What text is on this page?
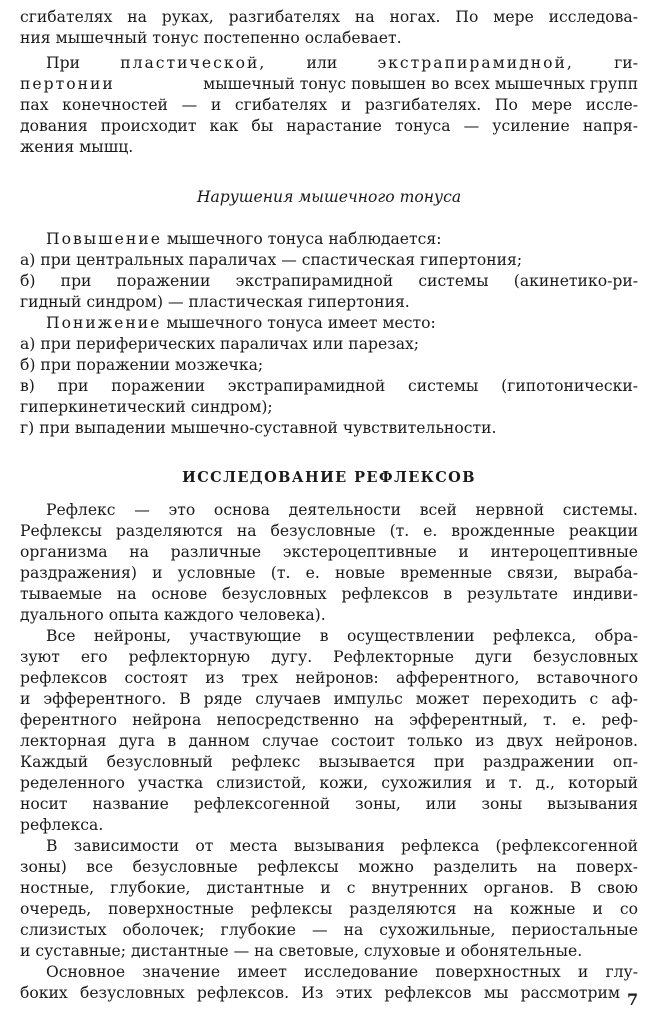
сгибателях на руках, разгибателях на ногах. По мере исследова-
ния мышечный тонус постепенно ослабевает.
При	пластической,	или	экстрапирамидной,	ги-
пертонии	мышечный тонус повышен во всех мышечных групп
пах конечностей — и сгибателях и разгибателях. По мере иссле-
дования происходит как бы нарастание тонуса — усиление напря-
жения мышц.
Нарушения мышечного тонуса
Повышение мышечного тонуса наблюдается:
а) при центральных параличах — спастическая гипертония;
б) при поражении экстрапирамидной системы (акинетико-ри-
гидный синдром) — пластическая гипертония.
Понижение мышечного тонуса имеет место:
а) при периферических параличах или парезах;
б) при поражении мозжечка;
в) при поражении экстрапирамидной системы (гипотонически-
гиперкинетический синдром);
г) при выпадении мышечно-суставной чувствительности.
ИССЛЕДОВАНИЕ РЕФЛЕКСОВ
Рефлекс — это основа деятельности всей нервной системы.
Рефлексы разделяются на безусловные (т. е. врожденные реакции
организма на различные экстероцептивные и интероцептивные
раздражения) и условные (т. е. новые временные связи, выраба-
тываемые на основе безусловных рефлексов в результате индиви-
дуального опыта каждого человека).
Все нейроны, участвующие в осуществлении рефлекса, обра-
зуют его рефлекторную дугу. Рефлекторные дуги безусловных
рефлексов состоят из трех нейронов: афферентного, вставочного
и эфферентного. В ряде случаев импульс может переходить с аф-
ферентного нейрона непосредственно на эфферентный, т. е. реф-
лекторная дуга в данном случае состоит только из двух нейронов.
Каждый безусловный рефлекс вызывается при раздражении оп-
ределенного участка слизистой, кожи, сухожилия и т. д., который
носит название рефлексогенной зоны, или зоны вызывания
рефлекса.
В зависимости от места вызывания рефлекса (рефлексогенной
зоны) все безусловные рефлексы можно разделить на поверх-
ностные, глубокие, дистантные и с внутренних органов. В свою
очередь, поверхностные рефлексы разделяются на кожные и со
слизистых оболочек; глубокие — на сухожильные, периостальные
и суставные; дистантные — на световые, слуховые и обонятельные.
Основное значение имеет исследование поверхностных и глу-
боких безусловных рефлексов. Из этих рефлексов мы рассмотрим 7
